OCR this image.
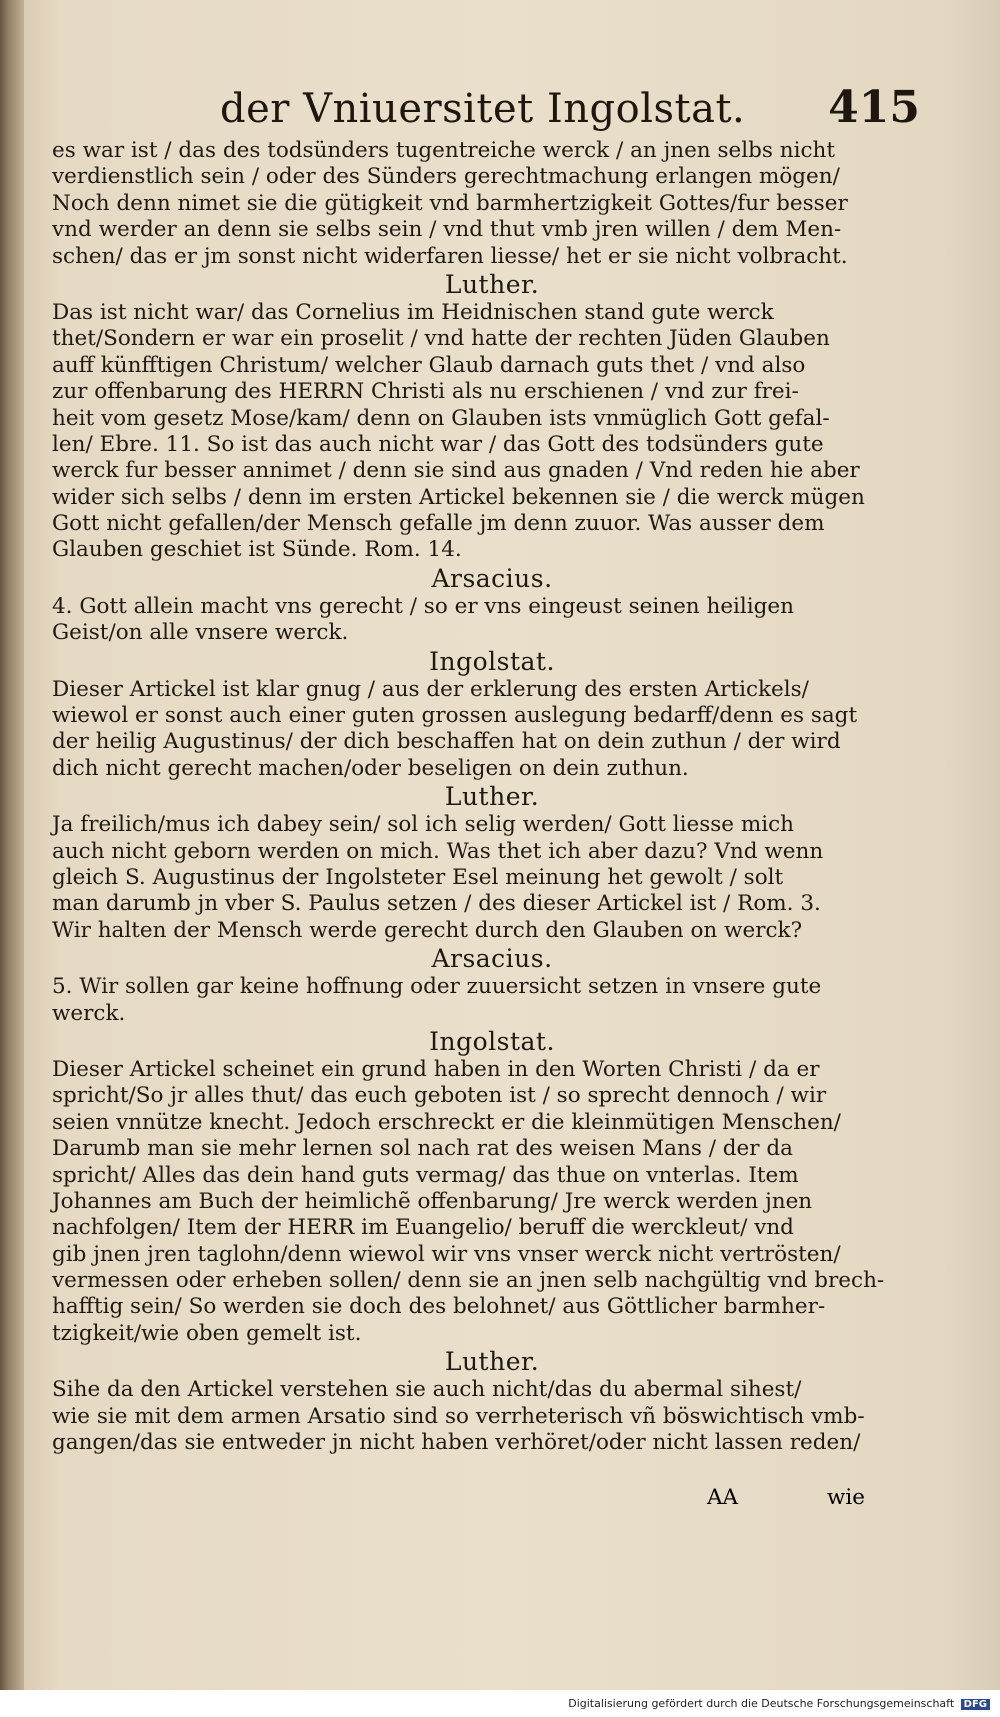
der Vniuersitet Ingolstat. 415
es war ist / das des todsünders tugentreiche werck / an jnen selbs nicht
verdienstlich sein / oder des Sünders gerechtmachung erlangen mögen/
Noch denn nimet sie die gütigkeit vnd barmhertzigkeit Gottes/fur besser
vnd werder an denn sie selbs sein / vnd thut vmb jren willen / dem Men-
schen/ das er jm sonst nicht widerfaren liesse/ het er sie nicht volbracht.
Luther.
Das ist nicht war/ das Cornelius im Heidnischen stand gute werck
thet/Sondern er war ein proselit / vnd hatte der rechten Jüden Glauben
auff künfftigen Christum/ welcher Glaub darnach guts thet / vnd also
zur offenbarung des HERRN Christi als nu erschienen / vnd zur frei-
heit vom gesetz Mose/kam/ denn on Glauben ists vnmüglich Gott gefal-
len/ Ebre. 11. So ist das auch nicht war / das Gott des todsünders gute
werck fur besser annimet / denn sie sind aus gnaden / Vnd reden hie aber
wider sich selbs / denn im ersten Artickel bekennen sie / die werck mügen
Gott nicht gefallen/der Mensch gefalle jm denn zuuor. Was ausser dem
Glauben geschiet ist Sünde. Rom. 14.
Arsacius.
4. Gott allein macht vns gerecht / so er vns eingeust seinen heiligen
Geist/on alle vnsere werck.
Ingolstat.
Dieser Artickel ist klar gnug / aus der erklerung des ersten Artickels/
wiewol er sonst auch einer guten grossen auslegung bedarff/denn es sagt
der heilig Augustinus/ der dich beschaffen hat on dein zuthun / der wird
dich nicht gerecht machen/oder beseligen on dein zuthun.
Luther.
Ja freilich/mus ich dabey sein/ sol ich selig werden/ Gott liesse mich
auch nicht geborn werden on mich. Was thet ich aber dazu? Vnd wenn
gleich S. Augustinus der Ingolsteter Esel meinung het gewolt / solt
man darumb jn vber S. Paulus setzen / des dieser Artickel ist / Rom. 3.
Wir halten der Mensch werde gerecht durch den Glauben on werck?
Arsacius.
5. Wir sollen gar keine hoffnung oder zuuersicht setzen in vnsere gute
werck.
Ingolstat.
Dieser Artickel scheinet ein grund haben in den Worten Christi / da er
spricht/So jr alles thut/ das euch geboten ist / so sprecht dennoch / wir
seien vnnütze knecht. Jedoch erschreckt er die kleinmütigen Menschen/
Darumb man sie mehr lernen sol nach rat des weisen Mans / der da
spricht/ Alles das dein hand guts vermag/ das thue on vnterlas. Item
Johannes am Buch der heimlichẽ offenbarung/ Jre werck werden jnen
nachfolgen/ Item der HERR im Euangelio/ beruff die wercklеut/ vnd
gib jnen jren taglohn/denn wiewol wir vns vnser werck nicht vertrösten/
vermessen oder erheben sollen/ denn sie an jnen selb nachgültig vnd brech-
hafftig sein/ So werden sie doch des belohnet/ aus Göttlicher barmher-
tzigkeit/wie oben gemelt ist.
Luther.
Sihe da den Artickel verstehen sie auch nicht/das du abermal sihest/
wie sie mit dem armen Arsatio sind so verrheterisch vñ böswichtisch vmb-
gangen/das sie entweder jn nicht haben verhöret/oder nicht lassen reden/
AA	wie
Digitalisierung gefördert durch die Deutsche Forschungsgemeinschaft DFG
